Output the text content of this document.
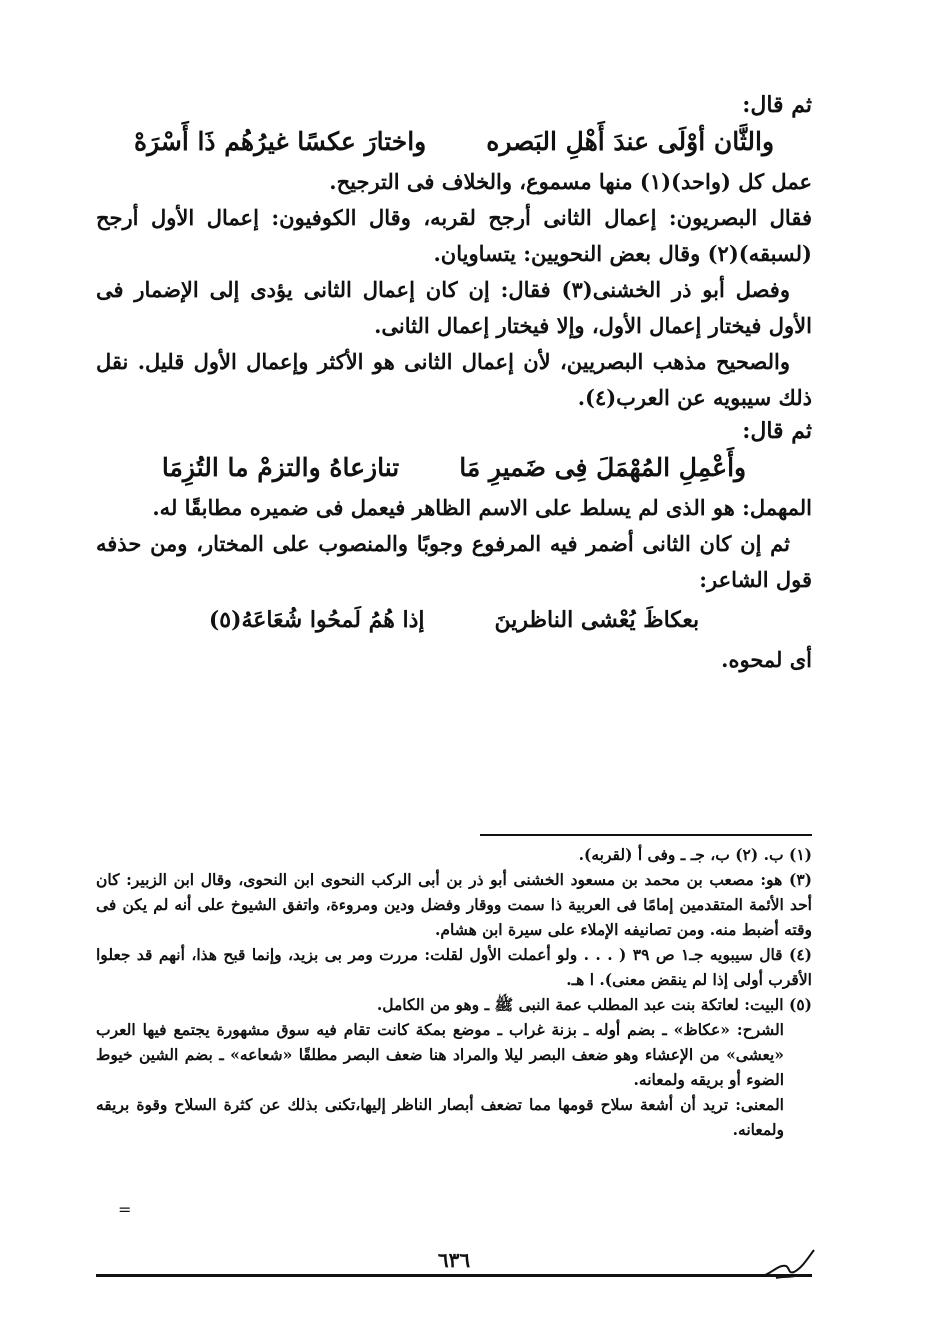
ثم قال:

والثَّان أوْلَى عندَ أَهْلِ البَصره
واختارَ عكسًا غيرُهُم ذَا أَسْرَهْ

عمل كل (واحد)(١) منها مسموع، والخلاف فى الترجيح.

فقال البصريون: إعمال الثانى أرجح لقربه، وقال الكوفيون: إعمال الأول أرجح (لسبقه)(٢) وقال بعض النحويين: يتساويان.

وفصل أبو ذر الخشنى(٣) فقال: إن كان إعمال الثانى يؤدى إلى الإضمار فى الأول فيختار إعمال الأول، وإلا فيختار إعمال الثانى.

والصحيح مذهب البصريين، لأن إعمال الثانى هو الأكثر وإعمال الأول قليل. نقل ذلك سيبويه عن العرب(٤).

ثم قال:

وأَعْمِلِ المُهْمَلَ فِى ضَميرِ مَا
تنازعاهُ والتزمْ ما التُزِمَا

المهمل: هو الذى لم يسلط على الاسم الظاهر فيعمل فى ضميره مطابقًا له.

ثم إن كان الثانى أضمر فيه المرفوع وجوبًا والمنصوب على المختار، ومن حذفه قول الشاعر:

بعكاظَ يُعْشى الناظرينَ
إذا هُمُ لَمحُوا شُعَاعَهُ(٥)

أى لمحوه.

(١) ب. (٢) ب، جـ ـ وفى أ (لقربه).

(٣) هو: مصعب بن محمد بن مسعود الخشنى أبو ذر بن أبى الركب النحوى ابن النحوى، وقال ابن الزبير: كان أحد الأئمة المتقدمين إمامًا فى العربية ذا سمت ووقار وفضل ودين ومروءة، واتفق الشيوخ على أنه لم يكن فى وقته أضبط منه. ومن تصانيفه الإملاء على سيرة ابن هشام.

(٤) قال سيبويه جـ١ ص ٣٩ ( . . . ولو أعملت الأول لقلت: مررت ومر بى بزيد، وإنما قبح هذا، أنهم قد جعلوا الأقرب أولى إذا لم ينقض معنى). ا هـ.

(٥) البيت: لعاتكة بنت عبد المطلب عمة النبى ﷺ ـ وهو من الكامل.

الشرح: «عكاظ» ـ بضم أوله ـ بزنة غراب ـ موضع بمكة كانت تقام فيه سوق مشهورة يجتمع فيها العرب «يعشى» من الإعشاء وهو ضعف البصر ليلا والمراد هنا ضعف البصر مطلقًا «شعاعه» ـ بضم الشين خيوط الضوء أو بريقه ولمعانه.

المعنى: تريد أن أشعة سلاح قومها مما تضعف أبصار الناظر إليها،تكنى بذلك عن كثرة السلاح وقوة بريقه ولمعانه.

=
٦٣٦
